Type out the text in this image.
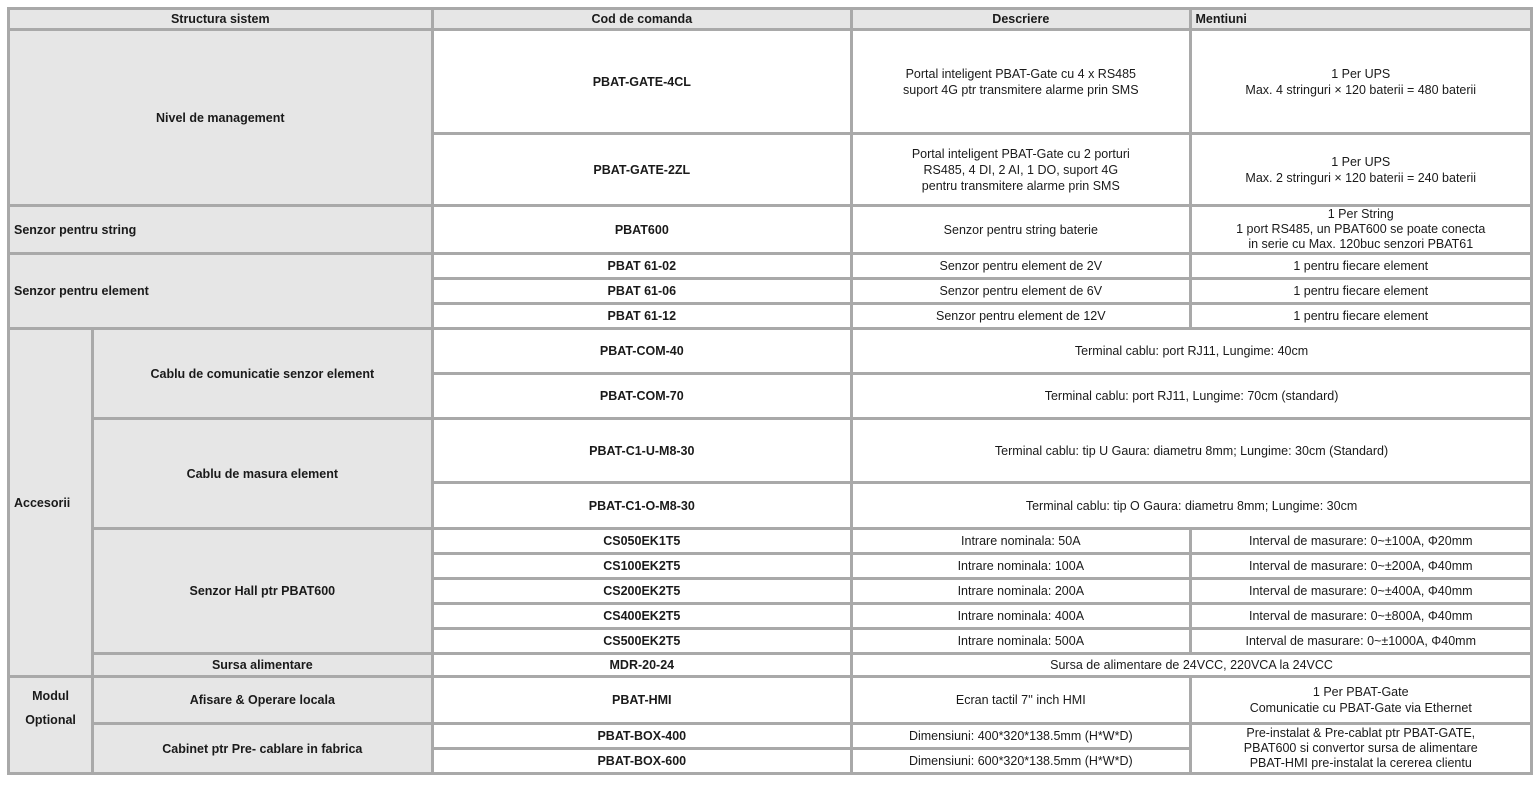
Structura sistem		Cod de comanda	Descriere	Mentiuni
Nivel de management		PBAT-GATE-4CL	Portal inteligent PBAT-Gate cu 4 x RS485
suport 4G ptr transmitere alarme prin SMS	1 Per UPS
Max. 4 stringuri × 120 baterii = 480 baterii

		PBAT-GATE-2ZL	Portal inteligent PBAT-Gate cu 2 porturi
RS485, 4 DI, 2 AI, 1 DO, suport 4G
pentru transmitere alarme prin SMS	1 Per UPS
Max. 2 stringuri × 120 baterii = 240 baterii

Senzor pentru string		PBAT600	Senzor pentru string baterie	1 Per String
1 port RS485, un PBAT600 se poate conecta
in serie cu Max. 120buc senzori PBAT61

Senzor pentru element		PBAT 61-02	Senzor pentru element de 2V	1 pentru fiecare element
		PBAT 61-06	Senzor pentru element de 6V	1 pentru fiecare element
		PBAT 61-12	Senzor pentru element de 12V	1 pentru fiecare element
Accesorii	Cablu de comunicatie senzor element	PBAT-COM-40	Terminal cablu: port RJ11, Lungime: 40cm	
		PBAT-COM-70	Terminal cablu: port RJ11, Lungime: 70cm (standard)	
	Cablu de masura element	PBAT-C1-U-M8-30	Terminal cablu: tip U Gaura: diametru 8mm; Lungime: 30cm (Standard)	
		PBAT-C1-O-M8-30	Terminal cablu: tip O Gaura: diametru 8mm; Lungime: 30cm	
	Senzor Hall ptr PBAT600	CS050EK1T5	Intrare nominala: 50A	Interval de masurare: 0~±100A, Φ20mm
		CS100EK2T5	Intrare nominala: 100A	Interval de masurare: 0~±200A, Φ40mm
		CS200EK2T5	Intrare nominala: 200A	Interval de masurare: 0~±400A, Φ40mm
		CS400EK2T5	Intrare nominala: 400A	Interval de masurare: 0~±800A, Φ40mm
		CS500EK2T5	Intrare nominala: 500A	Interval de masurare: 0~±1000A, Φ40mm
	Sursa alimentare	MDR-20-24	Sursa de alimentare de 24VCC, 220VCA la 24VCC	

Modul
Optional	Afisare & Operare locala	PBAT-HMI	Ecran tactil 7'' inch HMI	1 Per PBAT-Gate
Comunicatie cu PBAT-Gate via Ethernet

	Cabinet ptr Pre- cablare in fabrica	PBAT-BOX-400	Dimensiuni: 400*320*138.5mm (H*W*D)	Pre-instalat & Pre-cablat ptr PBAT-GATE,
PBAT600 si convertor sursa de alimentare
PBAT-HMI pre-instalat la cererea clientu

		PBAT-BOX-600	Dimensiuni: 600*320*138.5mm (H*W*D)	
